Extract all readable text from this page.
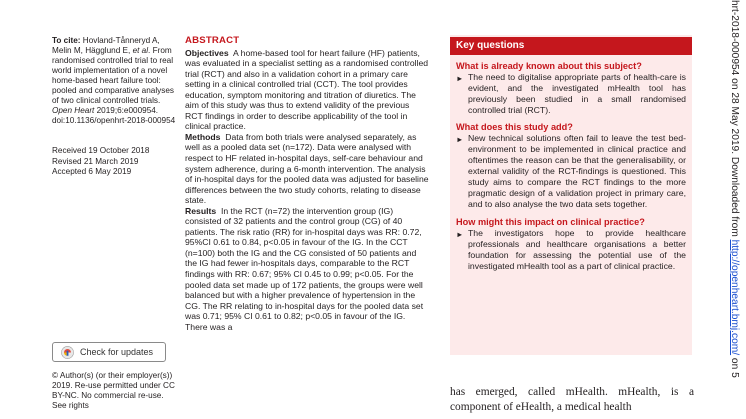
To cite: Hovland-Tånneryd A, Melin M, Hägglund E, et al. From randomised controlled trial to real world implementation of a novel home-based heart failure tool: pooled and comparative analyses of two clinical controlled trials. Open Heart 2019;6:e000954. doi:10.1136/openhrt-2018-000954

Received 19 October 2018
Revised 21 March 2019
Accepted 6 May 2019
Check for updates
© Author(s) (or their employer(s)) 2019. Re-use permitted under CC BY-NC. No commercial re-use. See rights
ABSTRACT

Objectives A home-based tool for heart failure (HF) patients, was evaluated in a specialist setting as a randomised controlled trial (RCT) and also in a validation cohort in a primary care setting in a clinical controlled trial (CCT). The tool provides education, symptom monitoring and titration of diuretics. The aim of this study was thus to extend validity of the previous RCT findings in order to describe applicability of the tool in clinical practice.

Methods Data from both trials were analysed separately, as well as a pooled data set (n=172). Data were analysed with respect to HF related in-hospital days, self-care behaviour and system adherence, during a 6-month intervention. The analysis of in-hospital days for the pooled data was adjusted for baseline differences between the two study cohorts, relating to disease state.

Results In the RCT (n=72) the intervention group (IG) consisted of 32 patients and the control group (CG) of 40 patients. The risk ratio (RR) for in-hospital days was RR: 0.72, 95%CI 0.61 to 0.84, p<0.05 in favour of the IG. In the CCT (n=100) both the IG and the CG consisted of 50 patients and the IG had fewer in-hospitals days, comparable to the RCT findings with RR: 0.67; 95% CI 0.45 to 0.99; p<0.05. For the pooled data set made up of 172 patients, the groups were well balanced but with a higher prevalence of hypertension in the CG. The RR relating to in-hospital days for the pooled data set was 0.71; 95% CI 0.61 to 0.82; p<0.05 in favour of the IG. There was a

Key questions
What is already known about this subject?
► The need to digitalise appropriate parts of health-care is evident, and the investigated mHealth tool has previously been studied in a small randomised controlled trial (RCT).
What does this study add?
► New technical solutions often fail to leave the test bed-environment to be implemented in clinical practice and oftentimes the reason can be that the generalisability, or external validity of the RCT-findings is questioned. This study aims to compare the RCT findings to the more pragmatic design of a validation project in primary care, and to also analyse the two data sets together.
How might this impact on clinical practice?
► The investigators hope to provide healthcare professionals and healthcare organisations a better foundation for assessing the potential use of the investigated mHealth tool as a part of clinical practice.
has emerged, called mHealth. mHealth, is a component of eHealth, a medical health
hrt-2018-000954 on 28 May 2019. Downloaded from http://openheart.bmj.com/ on 5
